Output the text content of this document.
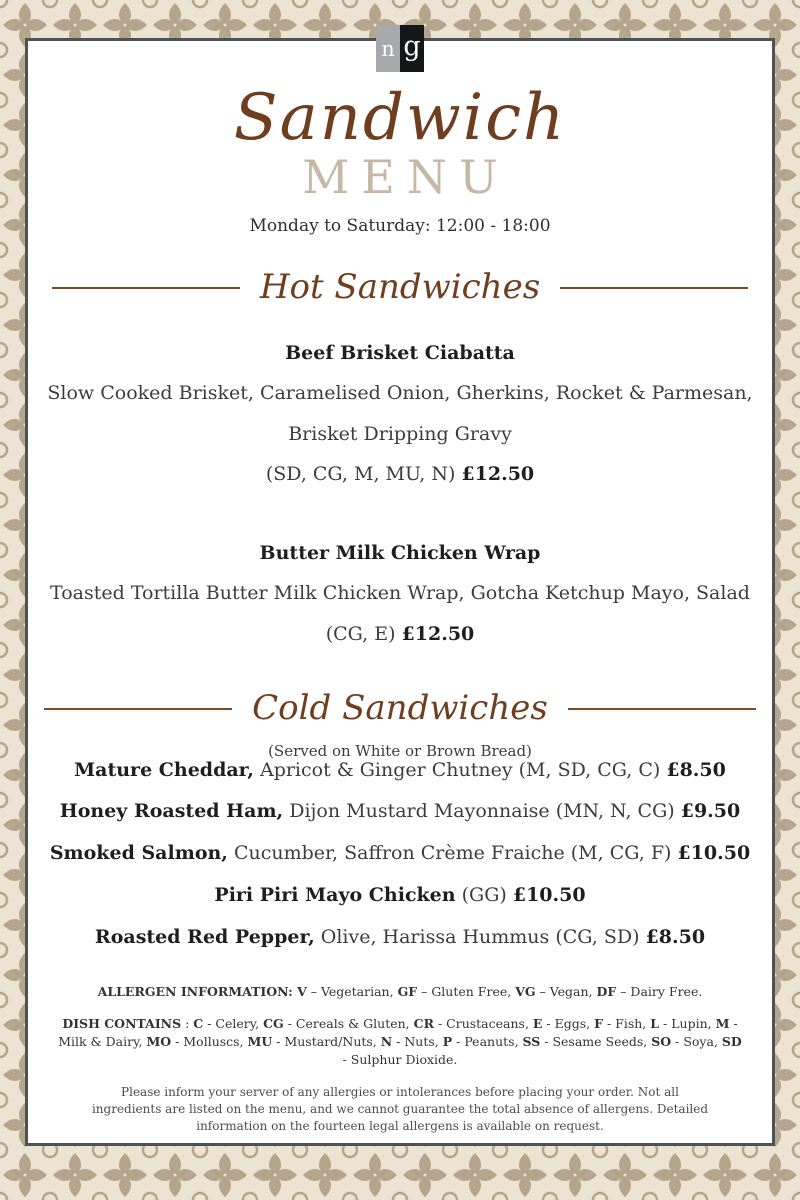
n g
Sandwich
MENU

Monday to Saturday: 12:00 - 18:00

Hot Sandwiches

Beef Brisket Ciabatta

Slow Cooked Brisket, Caramelised Onion, Gherkins, Rocket & Parmesan,

Brisket Dripping Gravy

(SD, CG, M, MU, N) £12.50

Butter Milk Chicken Wrap

Toasted Tortilla Butter Milk Chicken Wrap, Gotcha Ketchup Mayo, Salad

(CG, E) £12.50

Cold Sandwiches

(Served on White or Brown Bread)

Mature Cheddar, Apricot & Ginger Chutney (M, SD, CG, C) £8.50

Honey Roasted Ham, Dijon Mustard Mayonnaise (MN, N, CG) £9.50

Smoked Salmon, Cucumber, Saffron Crème Fraiche (M, CG, F) £10.50

Piri Piri Mayo Chicken (GG) £10.50

Roasted Red Pepper, Olive, Harissa Hummus (CG, SD) £8.50

ALLERGEN INFORMATION: V – Vegetarian, GF – Gluten Free, VG – Vegan, DF – Dairy Free.

DISH CONTAINS : C - Celery, CG - Cereals & Gluten, CR - Crustaceans, E - Eggs, F - Fish, L - Lupin, M - Milk & Dairy, MO - Molluscs, MU - Mustard/Nuts, N - Nuts, P - Peanuts, SS - Sesame Seeds, SO - Soya, SD - Sulphur Dioxide.

Please inform your server of any allergies or intolerances before placing your order. Not all ingredients are listed on the menu, and we cannot guarantee the total absence of allergens. Detailed information on the fourteen legal allergens is available on request.
